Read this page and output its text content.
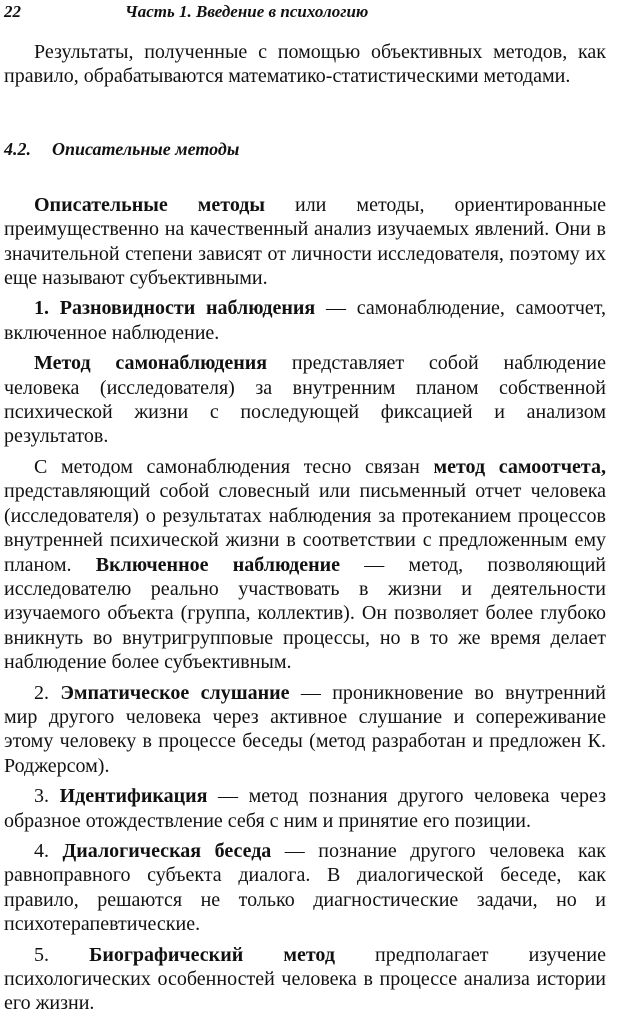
22	Часть 1. Введение в психологию

Результаты, полученные с помощью объективных методов, как правило, обрабатываются математико-статистическими методами.

4.2. Описательные методы

Описательные методы или методы, ориентированные преимущественно на качественный анализ изучаемых явлений. Они в значительной степени зависят от личности исследователя, поэтому их еще называют субъективными.

1. Разновидности наблюдения — самонаблюдение, самоотчет, включенное наблюдение.

Метод самонаблюдения представляет собой наблюдение человека (исследователя) за внутренним планом собственной психической жизни с последующей фиксацией и анализом результатов.

С методом самонаблюдения тесно связан метод самоотчета, представляющий собой словесный или письменный отчет человека (исследователя) о результатах наблюдения за протеканием процессов внутренней психической жизни в соответствии с предложенным ему планом. Включенное наблюдение — метод, позволяющий исследователю реально участвовать в жизни и деятельности изучаемого объекта (группа, коллектив). Он позволяет более глубоко вникнуть во внутригрупповые процессы, но в то же время делает наблюдение более субъективным.

2. Эмпатическое слушание — проникновение во внутренний мир другого человека через активное слушание и сопереживание этому человеку в процессе беседы (метод разработан и предложен К. Роджерсом).

3. Идентификация — метод познания другого человека через образное отождествление себя с ним и принятие его позиции.

4. Диалогическая беседа — познание другого человека как равноправного субъекта диалога. В диалогической беседе, как правило, решаются не только диагностические задачи, но и психотерапевтические.

5. Биографический метод предполагает изучение психологических особенностей человека в процессе анализа истории его жизни.
